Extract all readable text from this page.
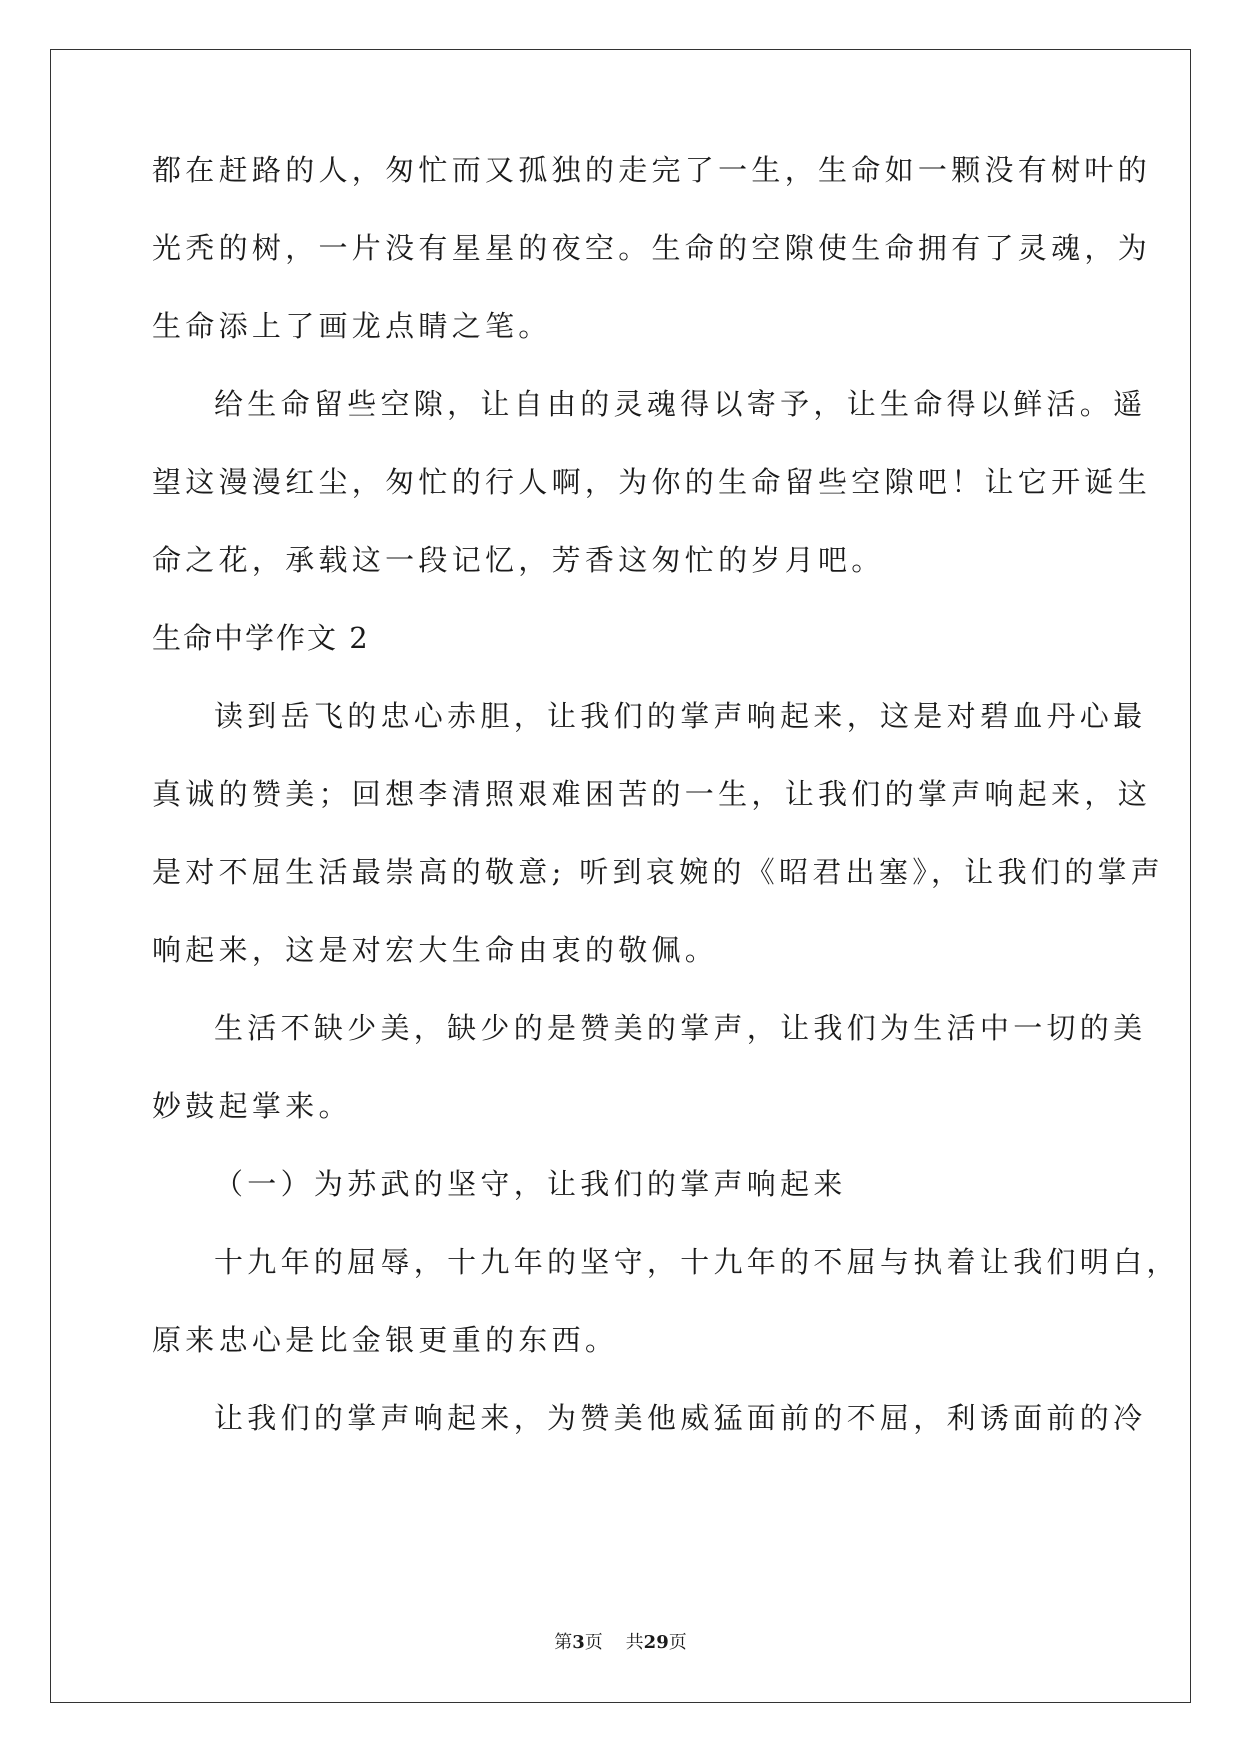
都在赶路的人，匆忙而又孤独的走完了一生，生命如一颗没有树叶的
光秃的树，一片没有星星的夜空。生命的空隙使生命拥有了灵魂，为
生命添上了画龙点睛之笔。
给生命留些空隙，让自由的灵魂得以寄予，让生命得以鲜活。遥
望这漫漫红尘，匆忙的行人啊，为你的生命留些空隙吧！让它开诞生
命之花，承载这一段记忆，芳香这匆忙的岁月吧。
生命中学作文 2
读到岳飞的忠心赤胆，让我们的掌声响起来，这是对碧血丹心最
真诚的赞美；回想李清照艰难困苦的一生，让我们的掌声响起来，这
是对不屈生活最崇高的敬意; 听到哀婉的《昭君出塞》，让我们的掌声
响起来，这是对宏大生命由衷的敬佩。
生活不缺少美，缺少的是赞美的掌声，让我们为生活中一切的美
妙鼓起掌来。
（一）为苏武的坚守，让我们的掌声响起来
十九年的屈辱，十九年的坚守，十九年的不屈与执着让我们明白，
原来忠心是比金银更重的东西。
让我们的掌声响起来，为赞美他威猛面前的不屈，利诱面前的冷
第3页 共29页
